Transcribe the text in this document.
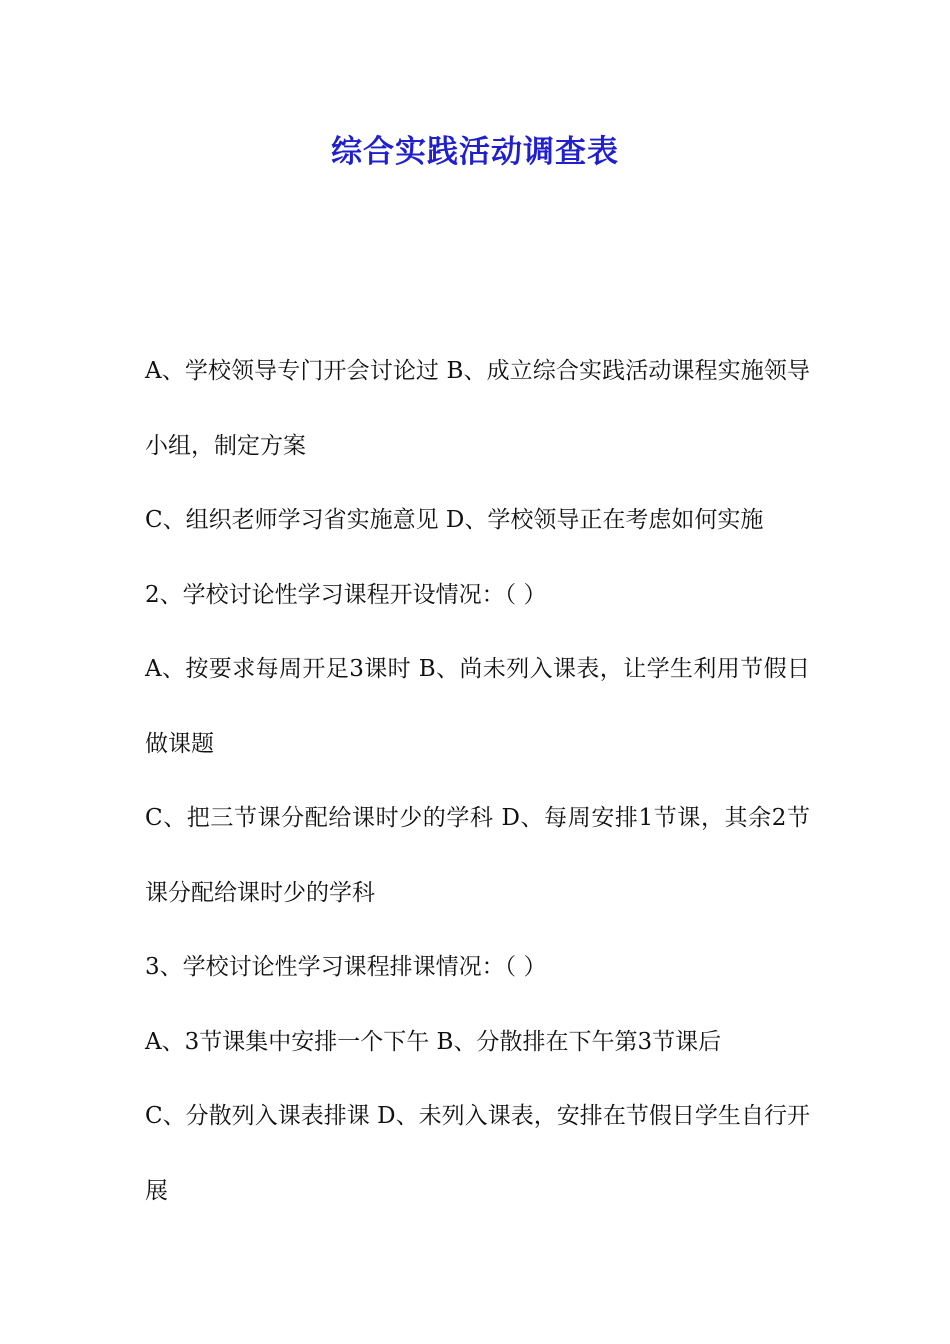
综合实践活动调查表

A、学校领导专门开会讨论过 B、成立综合实践活动课程实施领导小组，制定方案

C、组织老师学习省实施意见 D、学校领导正在考虑如何实施

2、学校讨论性学习课程开设情况：（ ）

A、按要求每周开足3课时 B、尚未列入课表，让学生利用节假日做课题

C、把三节课分配给课时少的学科 D、每周安排1节课，其余2节课分配给课时少的学科

3、学校讨论性学习课程排课情况：（ ）

A、3节课集中安排一个下午 B、分散排在下午第3节课后

C、分散列入课表排课 D、未列入课表，安排在节假日学生自行开展
